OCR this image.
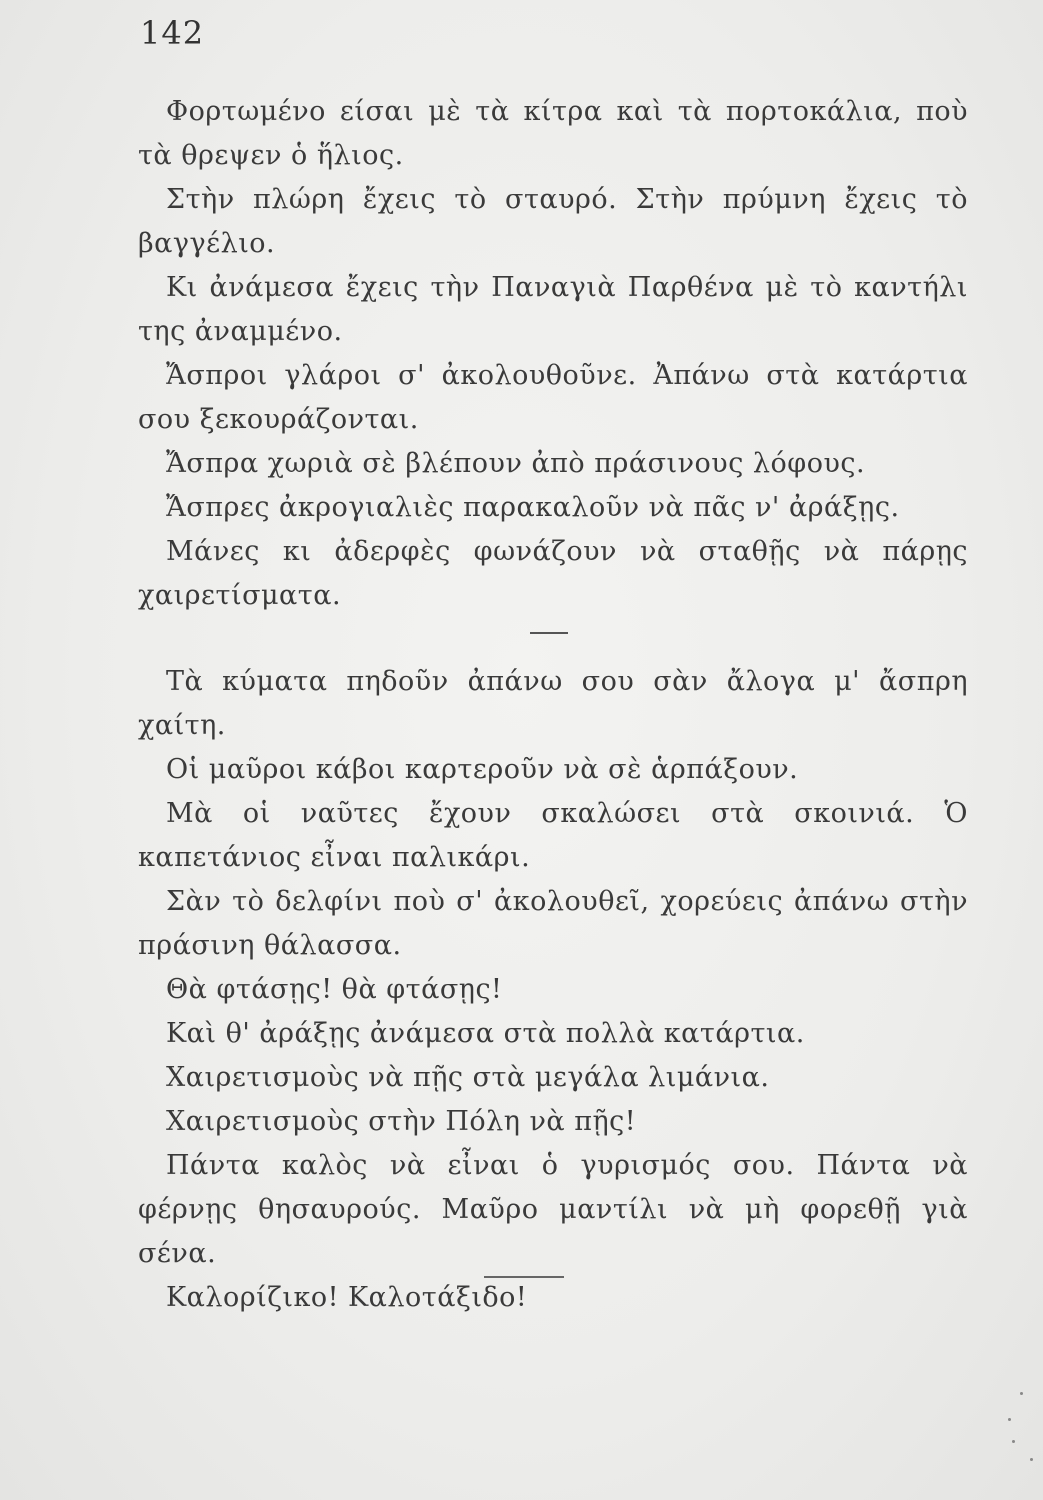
142

Φορτωμένο είσαι μὲ τὰ κίτρα καὶ τὰ πορτοκάλια, ποὺ τὰ θρεψεν ὁ ἥλιος.

Στὴν πλώρη ἔχεις τὸ σταυρό. Στὴν πρύμνη ἔχεις τὸ βαγγέλιο.

Κι ἀνάμεσα ἔχεις τὴν Παναγιὰ Παρθένα μὲ τὸ καντήλι της ἀναμμένο.

Ἄσπροι γλάροι σ' ἀκολουθοῦνε. Ἀπάνω στὰ κατάρτια σου ξεκουράζονται.

Ἄσπρα χωριὰ σὲ βλέπουν ἀπὸ πράσινους λόφους.

Ἄσπρες ἀκρογιαλιὲς παρακαλοῦν νὰ πᾶς ν' ἀράξῃς.

Μάνες κι ἀδερφὲς φωνάζουν νὰ σταθῇς νὰ πάρῃς χαιρετίσματα.

Τὰ κύματα πηδοῦν ἀπάνω σου σὰν ἄλογα μ' ἄσπρη χαίτη.

Οἱ μαῦροι κάβοι καρτεροῦν νὰ σὲ ἁρπάξουν.

Μὰ οἱ ναῦτες ἔχουν σκαλώσει στὰ σκοινιά. Ὁ καπετάνιος εἶναι παλικάρι.

Σὰν τὸ δελφίνι ποὺ σ' ἀκολουθεῖ, χορεύεις ἀπάνω στὴν πράσινη θάλασσα.

Θὰ φτάσῃς! θὰ φτάσῃς!

Καὶ θ' ἀράξῃς ἀνάμεσα στὰ πολλὰ κατάρτια.

Χαιρετισμοὺς νὰ πῇς στὰ μεγάλα λιμάνια.

Χαιρετισμοὺς στὴν Πόλη νὰ πῇς!

Πάντα καλὸς νὰ εἶναι ὁ γυρισμός σου. Πάντα νὰ φέρνῃς θησαυρούς. Μαῦρο μαντίλι νὰ μὴ φορεθῇ γιὰ σένα.

Καλορίζικο! Καλοτάξιδο!
